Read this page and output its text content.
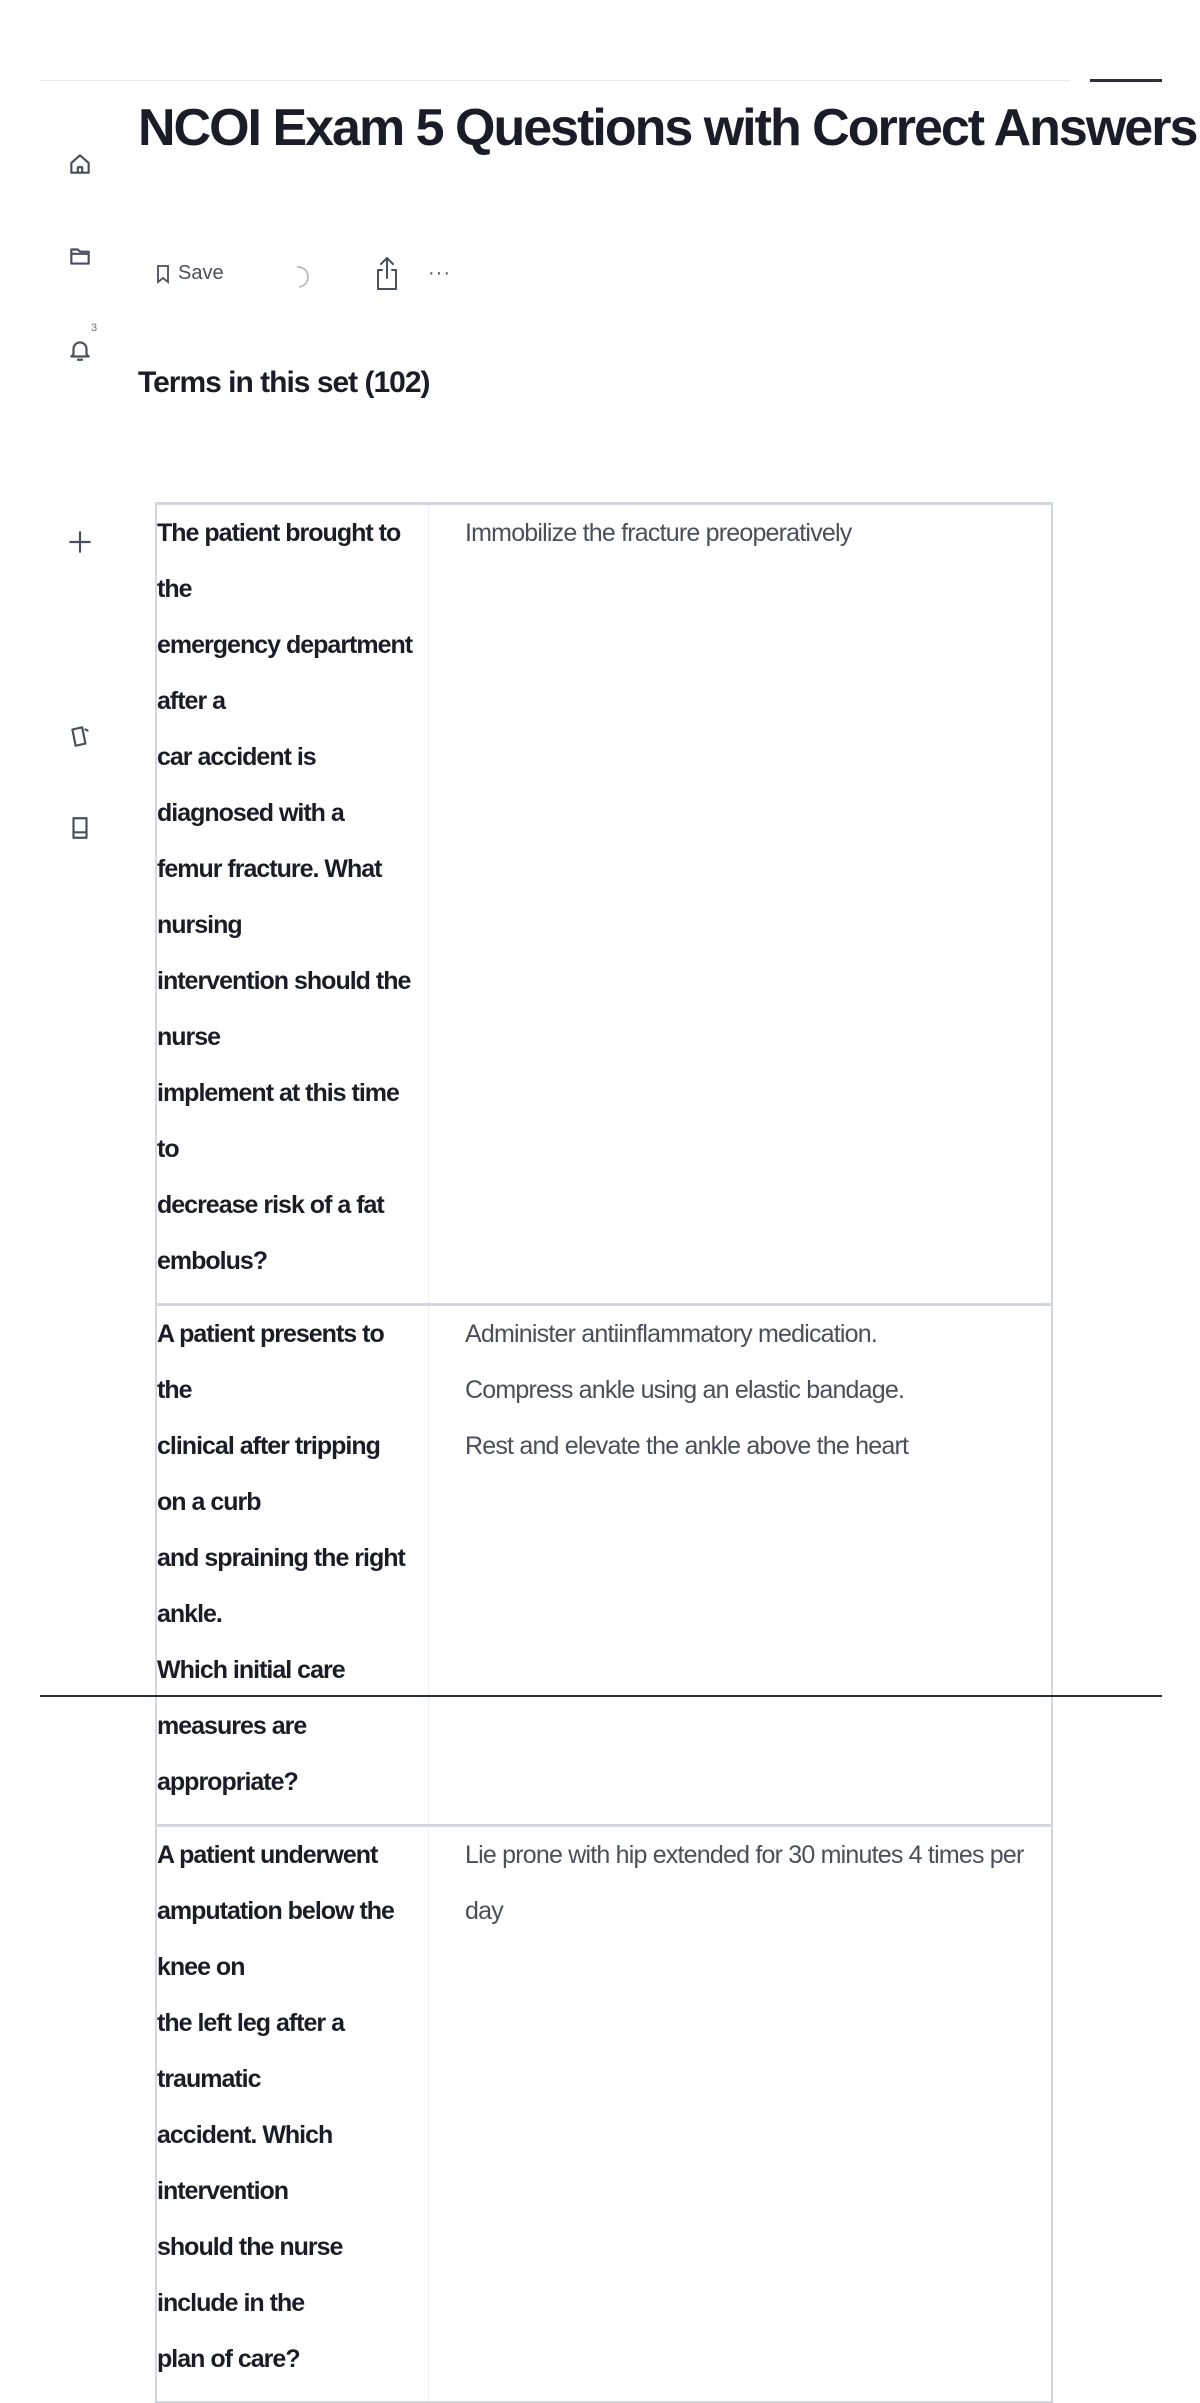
3
NCOI Exam 5 Questions with Correct Answers
Save	···
Terms in this set (102)
The patient brought to the
emergency department after a
car accident is diagnosed with a
femur fracture. What nursing
intervention should the nurse
implement at this time to
decrease risk of a fat embolus?
Immobilize the fracture preoperatively
A patient presents to the
clinical after tripping on a curb
and spraining the right ankle.
Which initial care measures are
appropriate?
Administer antiinflammatory medication.
Compress ankle using an elastic bandage.
Rest and elevate the ankle above the heart
A patient underwent
amputation below the knee on
the left leg after a traumatic
accident. Which intervention
should the nurse include in the
plan of care?
Lie prone with hip extended for 30 minutes 4 times per day
